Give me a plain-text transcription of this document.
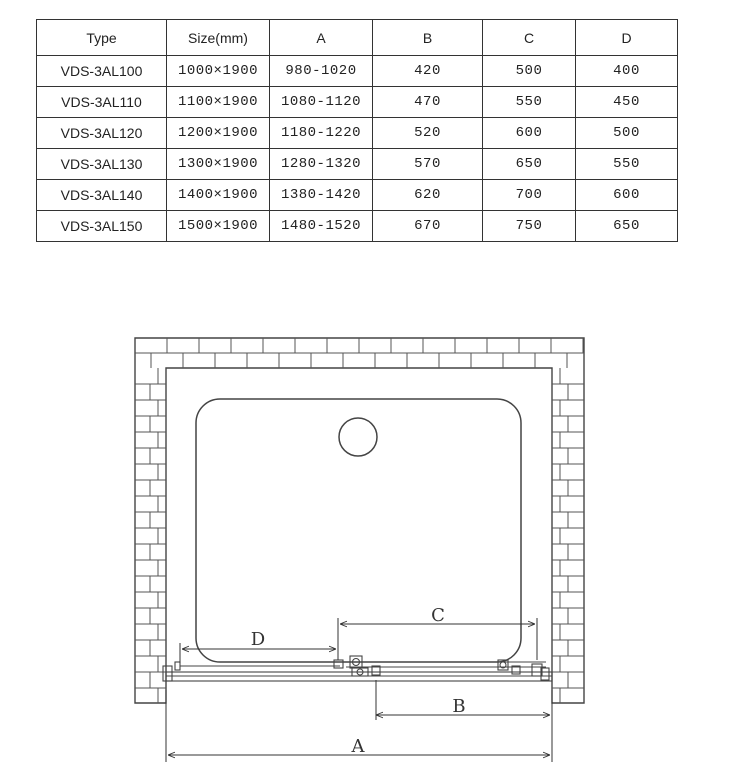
Type	Size(mm)	A	B	C	D
VDS-3AL100	1000×1900	980-1020	420	500	400
VDS-3AL110	1100×1900	1080-1120	470	550	450
VDS-3AL120	1200×1900	1180-1220	520	600	500
VDS-3AL130	1300×1900	1280-1320	570	650	550
VDS-3AL140	1400×1900	1380-1420	620	700	600
VDS-3AL150	1500×1900	1480-1520	670	750	650
A
B
C
D
